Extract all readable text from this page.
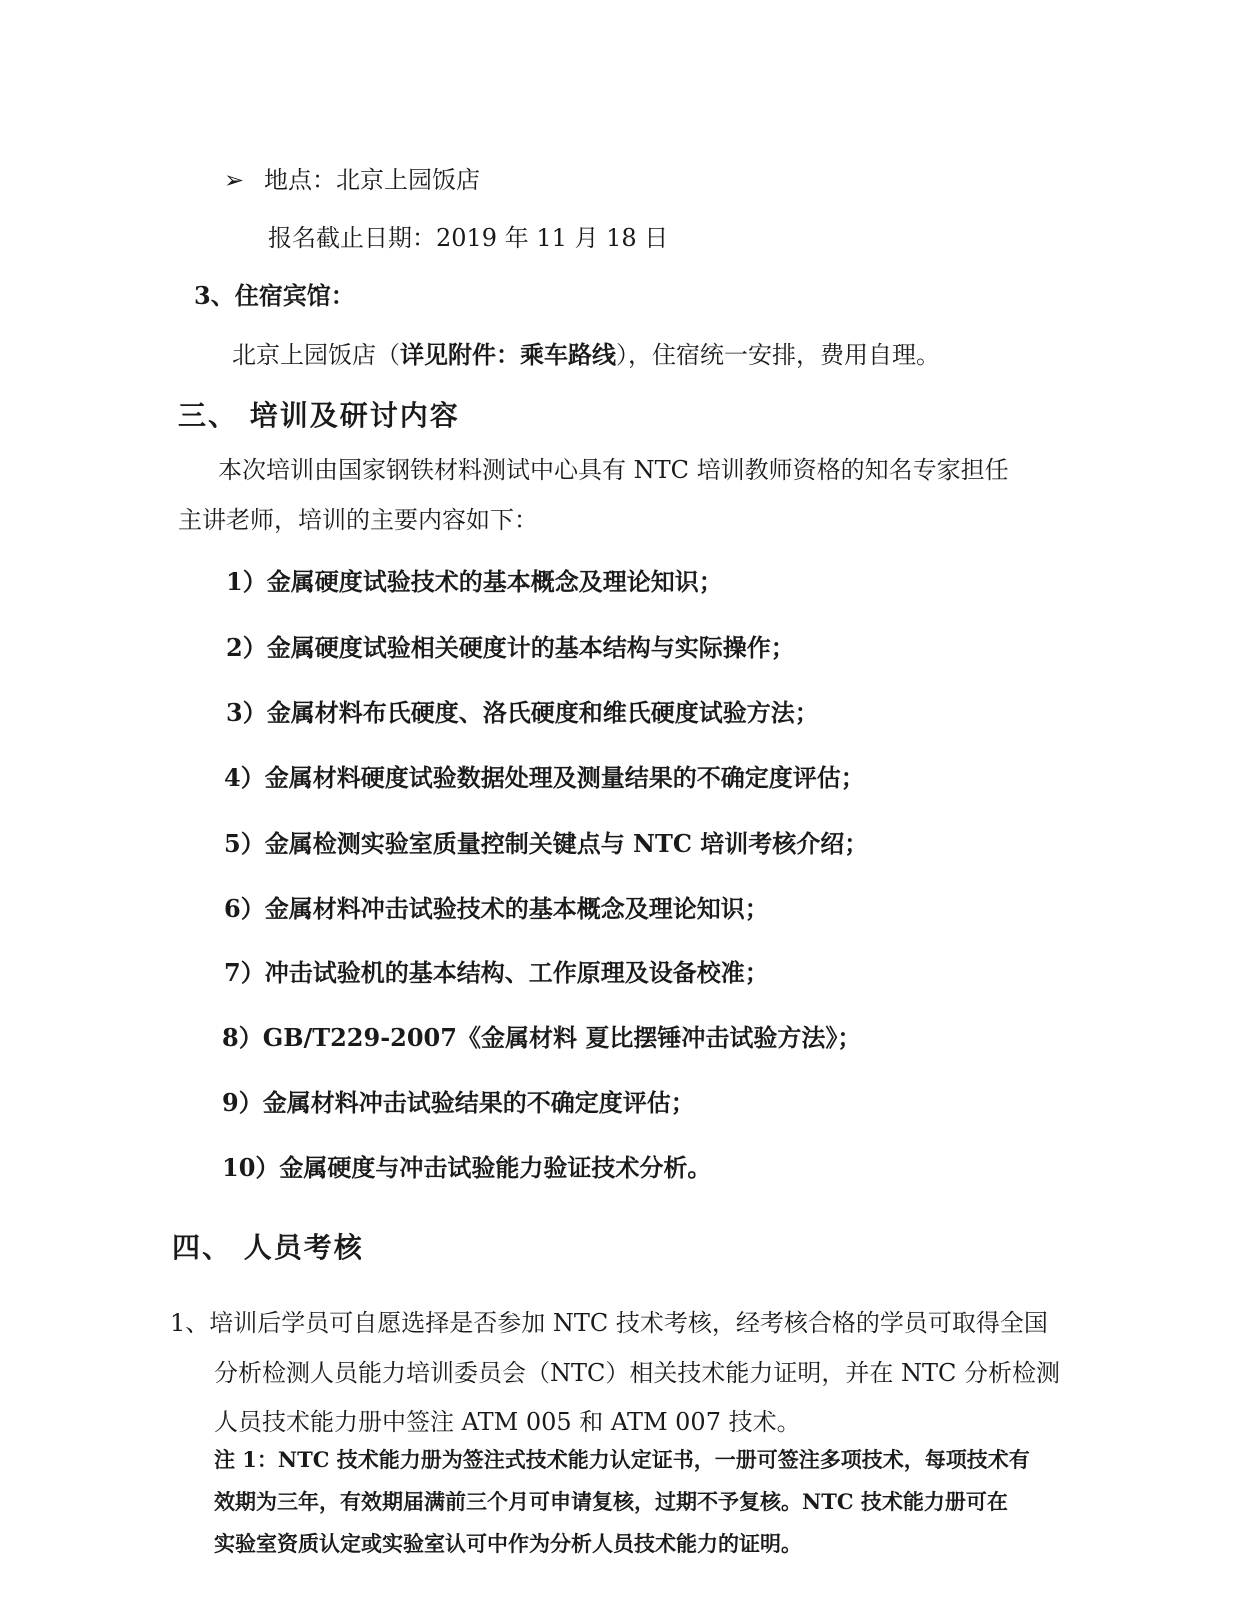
➢ 地点：北京上园饭店
报名截止日期：2019 年 11 月 18 日
3、住宿宾馆：
北京上园饭店（详见附件：乘车路线），住宿统一安排，费用自理。
三、 培训及研讨内容
本次培训由国家钢铁材料测试中心具有 NTC 培训教师资格的知名专家担任
主讲老师，培训的主要内容如下：
1）金属硬度试验技术的基本概念及理论知识；
2）金属硬度试验相关硬度计的基本结构与实际操作；
3）金属材料布氏硬度、洛氏硬度和维氏硬度试验方法；
4）金属材料硬度试验数据处理及测量结果的不确定度评估；
5）金属检测实验室质量控制关键点与 NTC 培训考核介绍；
6）金属材料冲击试验技术的基本概念及理论知识；
7）冲击试验机的基本结构、工作原理及设备校准；
8）GB/T229-2007《金属材料 夏比摆锤冲击试验方法》；
9）金属材料冲击试验结果的不确定度评估；
10）金属硬度与冲击试验能力验证技术分析。
四、 人员考核
1、培训后学员可自愿选择是否参加 NTC 技术考核，经考核合格的学员可取得全国
分析检测人员能力培训委员会（NTC）相关技术能力证明，并在 NTC 分析检测
人员技术能力册中签注 ATM 005 和 ATM 007 技术。
注 1：NTC 技术能力册为签注式技术能力认定证书，一册可签注多项技术，每项技术有
效期为三年，有效期届满前三个月可申请复核，过期不予复核。NTC 技术能力册可在
实验室资质认定或实验室认可中作为分析人员技术能力的证明。
